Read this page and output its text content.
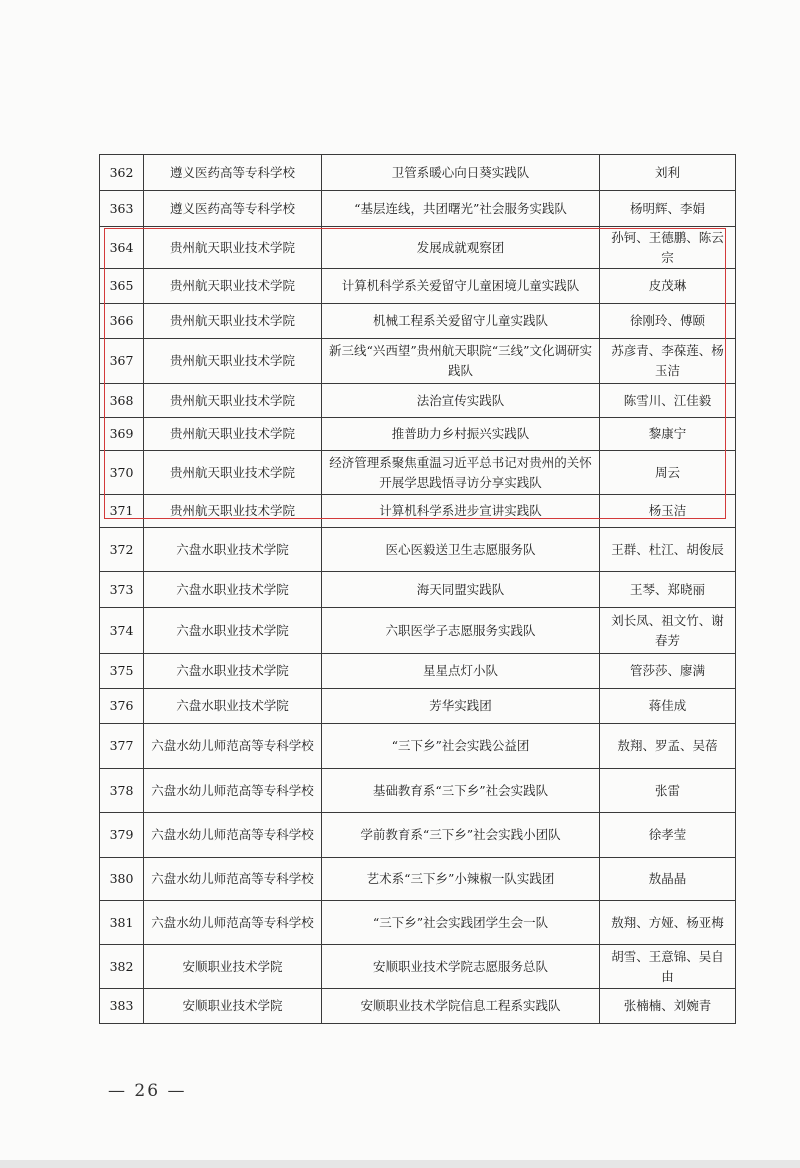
362	遵义医药高等专科学校	卫管系暖心向日葵实践队	刘利
363	遵义医药高等专科学校	“基层连线，共团曙光”社会服务实践队	杨明辉、李娟
364	贵州航天职业技术学院	发展成就观察团	孙钶、王德鹏、陈云宗
365	贵州航天职业技术学院	计算机科学系关爱留守儿童困境儿童实践队	皮茂琳
366	贵州航天职业技术学院	机械工程系关爱留守儿童实践队	徐刚玲、傅颐
367	贵州航天职业技术学院	新三线“兴西望”贵州航天职院“三线”文化调研实践队	苏彦青、李葆莲、杨玉洁
368	贵州航天职业技术学院	法治宣传实践队	陈雪川、江佳毅
369	贵州航天职业技术学院	推普助力乡村振兴实践队	黎康宁
370	贵州航天职业技术学院	经济管理系聚焦重温习近平总书记对贵州的关怀开展学思践悟寻访分享实践队	周云
371	贵州航天职业技术学院	计算机科学系进步宣讲实践队	杨玉洁
372	六盘水职业技术学院	医心医毅送卫生志愿服务队	王群、杜江、胡俊辰
373	六盘水职业技术学院	海天同盟实践队	王琴、郑晓丽
374	六盘水职业技术学院	六职医学子志愿服务实践队	刘长凤、祖文竹、谢春芳
375	六盘水职业技术学院	星星点灯小队	管莎莎、廖满
376	六盘水职业技术学院	芳华实践团	蒋佳成
377	六盘水幼儿师范高等专科学校	“三下乡”社会实践公益团	敖翔、罗孟、吴蓓
378	六盘水幼儿师范高等专科学校	基础教育系“三下乡”社会实践队	张雷
379	六盘水幼儿师范高等专科学校	学前教育系“三下乡”社会实践小团队	徐孝莹
380	六盘水幼儿师范高等专科学校	艺术系“三下乡”小辣椒一队实践团	敖晶晶
381	六盘水幼儿师范高等专科学校	“三下乡”社会实践团学生会一队	敖翔、方娅、杨亚梅
382	安顺职业技术学院	安顺职业技术学院志愿服务总队	胡雪、王意锦、吴自由
383	安顺职业技术学院	安顺职业技术学院信息工程系实践队	张楠楠、刘婉青
— 26 —
